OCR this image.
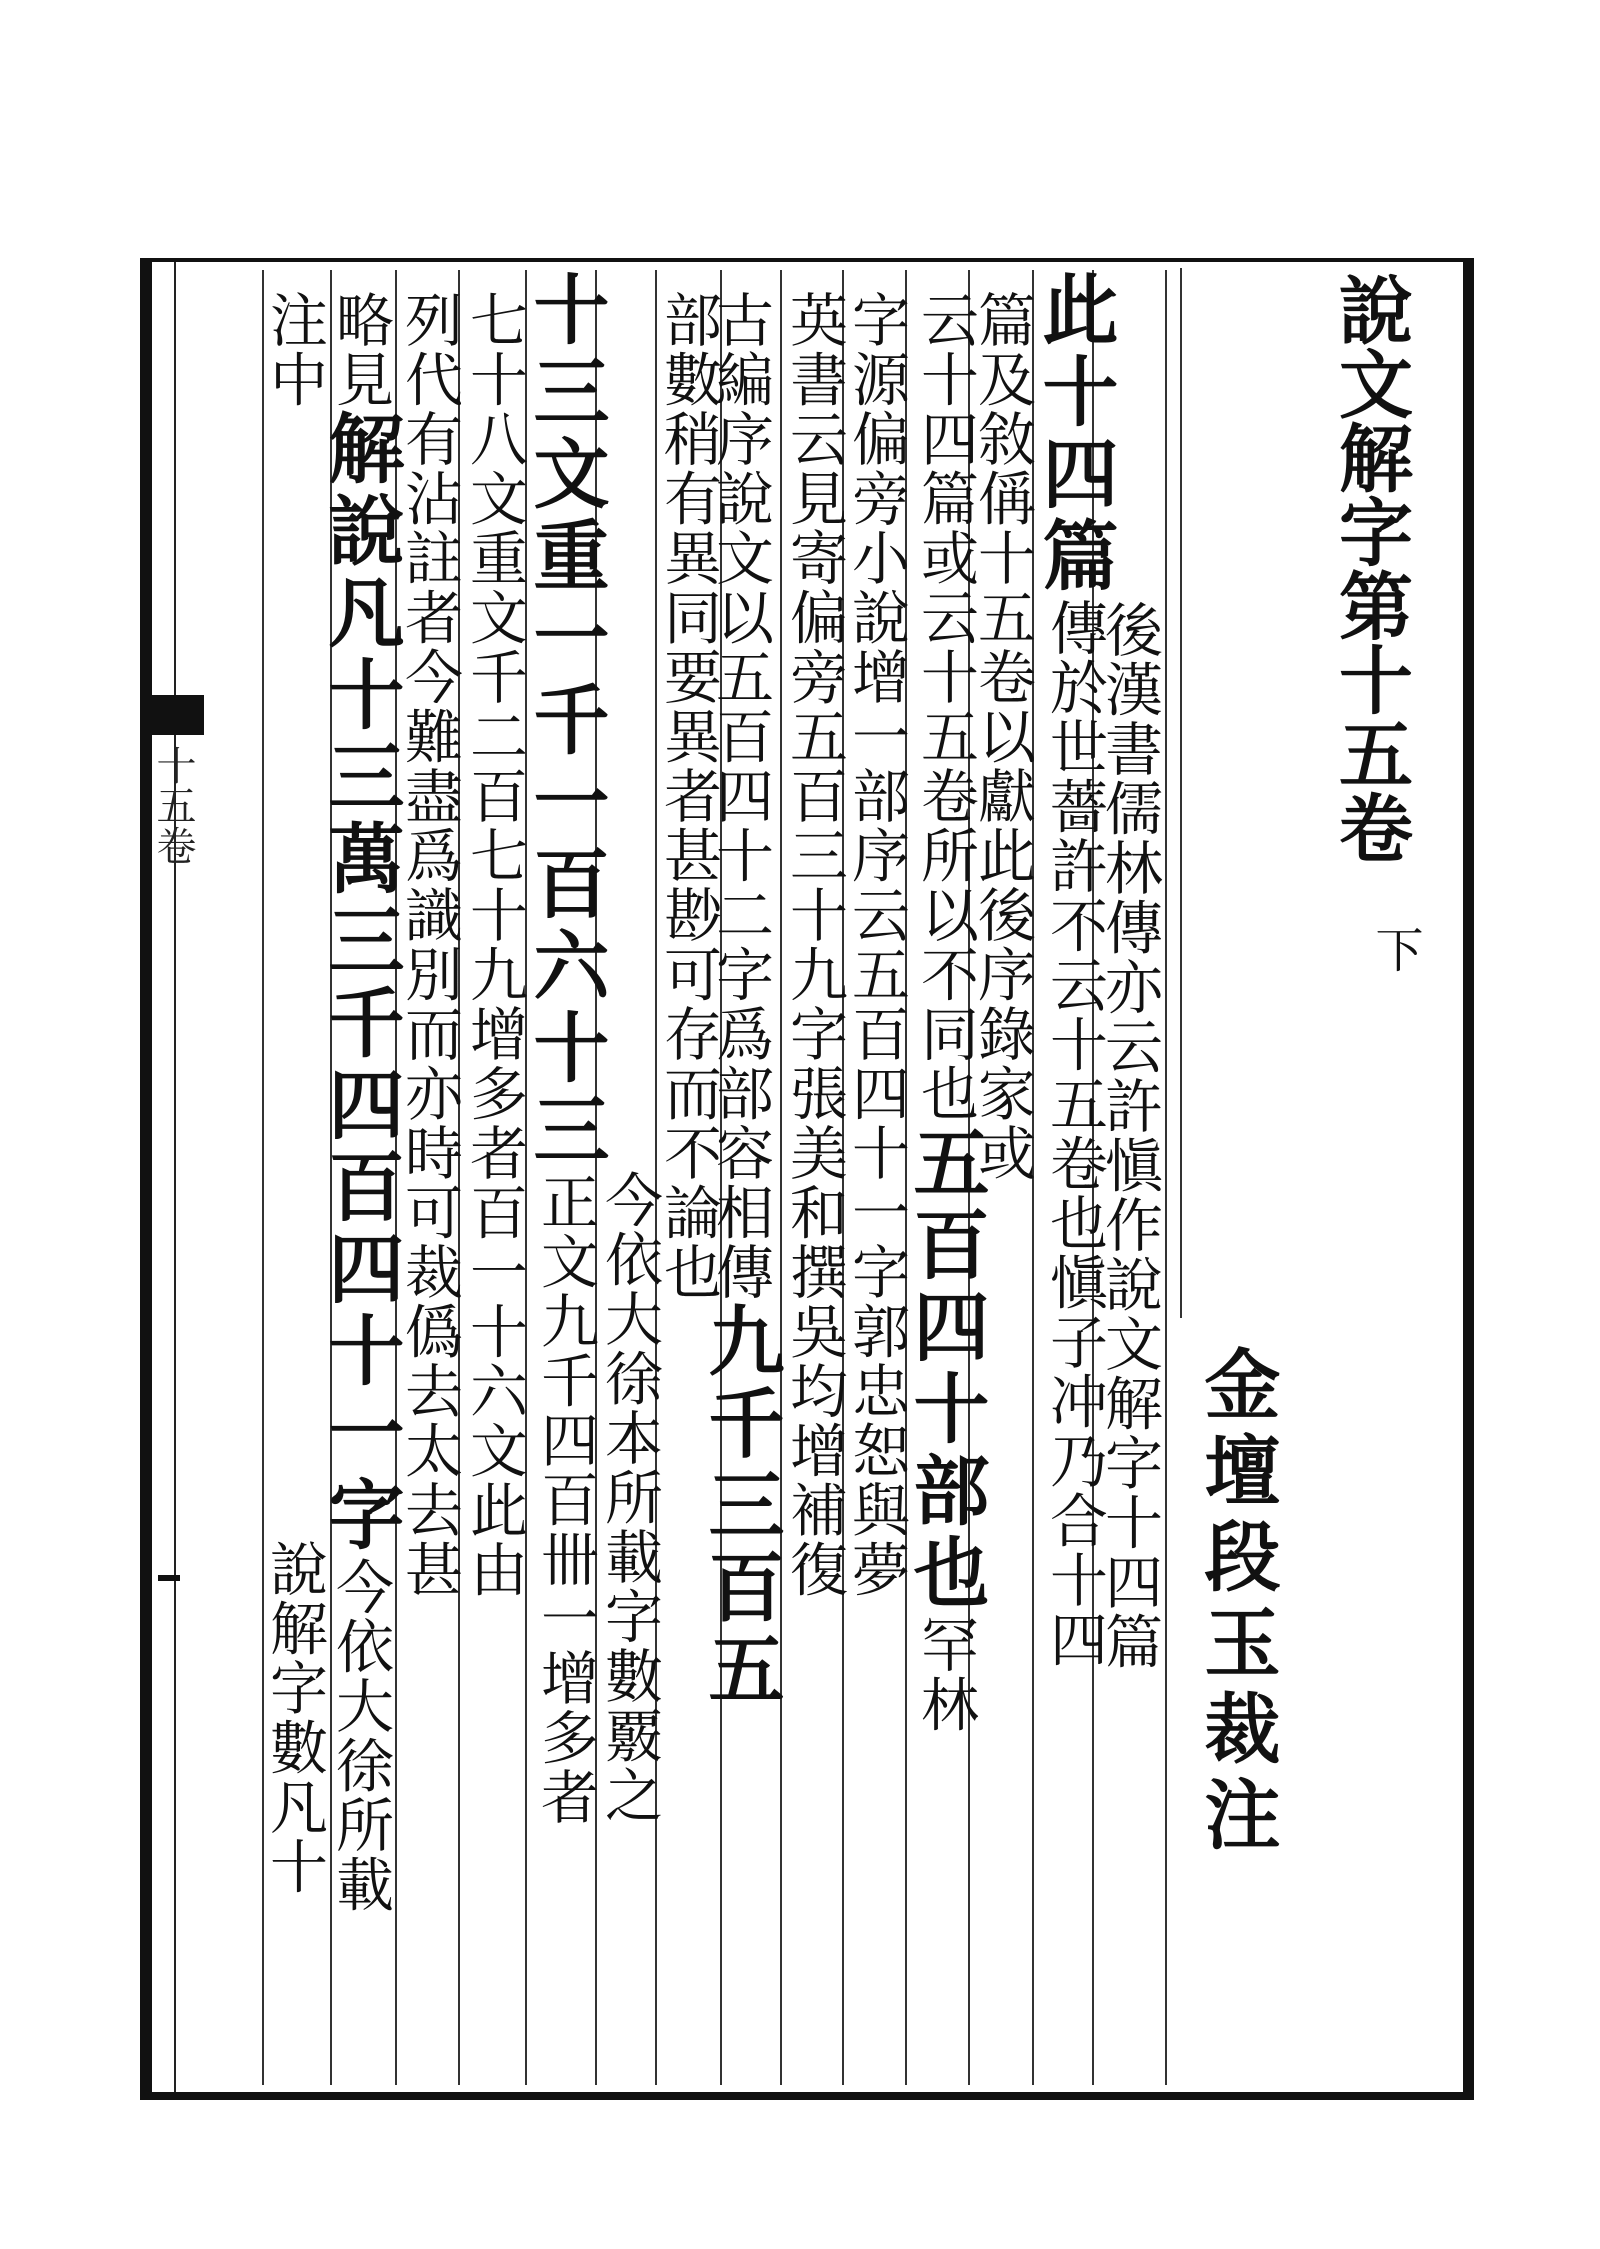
十五卷	說文解字第十五卷
下
金壇段玉裁注
後漢書儒林傳亦云許愼作說文解字十四篇
此十四篇傳於世薔許不云十五卷也愼子冲乃合十四
篇及敘偁十五卷以獻此後序錄家或
云十四篇或云十五卷所以不同也五百四十部也罕林
字源偏旁小說增一部序云五百四十一字郭忠恕與夢
英書云見寄偏旁五百三十九字張美和撰吳均增補復
古編序說文以五百四十二字爲部容相傳九千三百五
部數稍有異同要異者甚尠可存而不論也
今依大徐本所載字數覈之
十三文重一千一百六十三正文九千四百卌一增多者
七十八文重文千二百七十九增多者百一十六文此由
列代有沾註者今難盡爲識別而亦時可裁僞去太去甚
略見解說凡十三萬三千四百四十一字今依大徐所載
注中說解字數凡十
